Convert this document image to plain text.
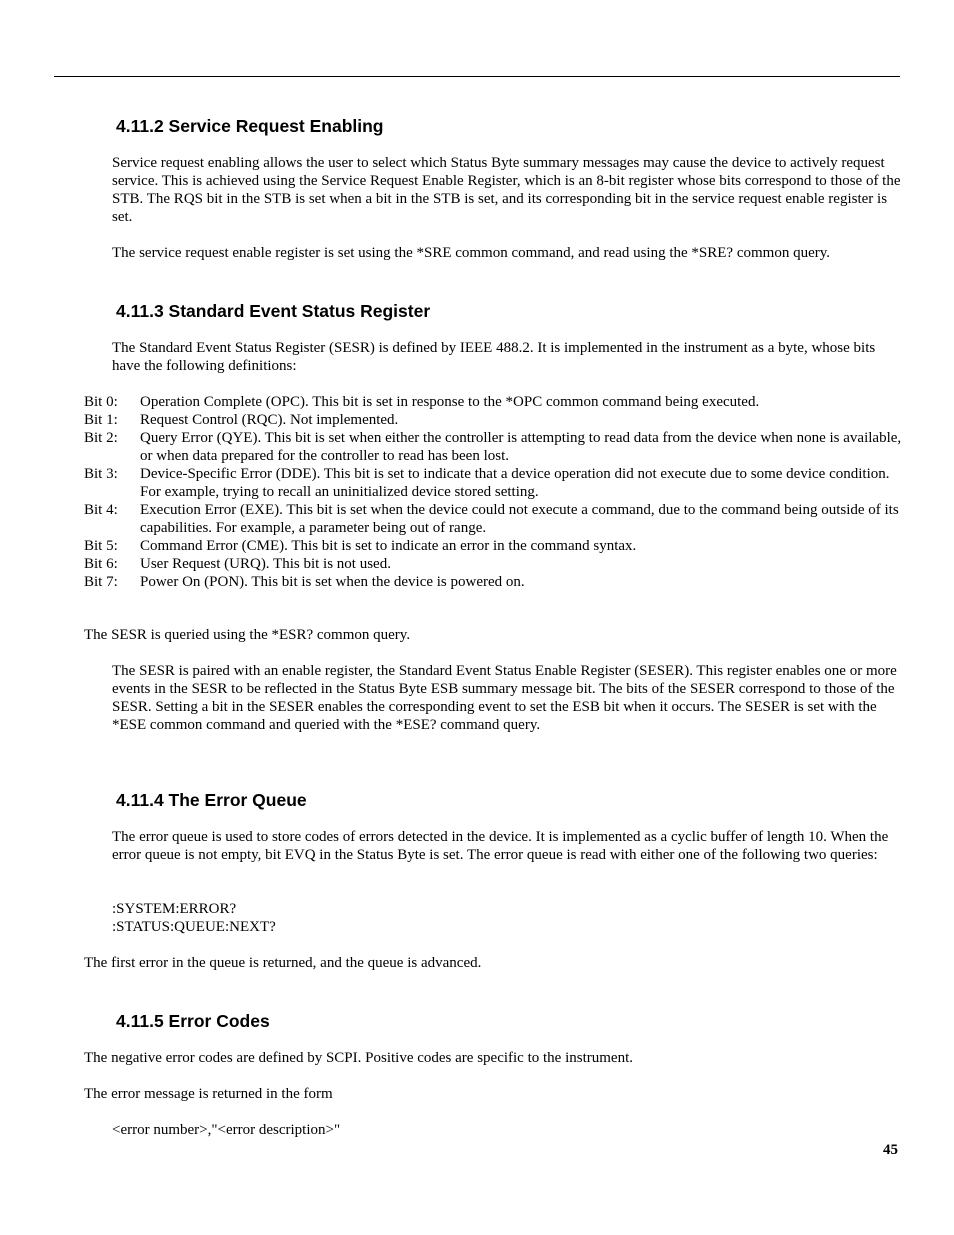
4.11.2 Service Request Enabling

Service request enabling allows the user to select which Status Byte summary messages may cause the device to actively request service. This is achieved using the Service Request Enable Register, which is an 8-bit register whose bits correspond to those of the STB. The RQS bit in the STB is set when a bit in the STB is set, and its corresponding bit in the service request enable register is set.

The service request enable register is set using the *SRE common command, and read using the *SRE? common query.

4.11.3 Standard Event Status Register

The Standard Event Status Register (SESR) is defined by IEEE 488.2. It is implemented in the instrument as a byte, whose bits have the following definitions:

Bit 0:	Operation Complete (OPC). This bit is set in response to the *OPC common command being executed.
Bit 1:	Request Control (RQC). Not implemented.
Bit 2:	Query Error (QYE). This bit is set when either the controller is attempting to read data from the device when none is available, or when data prepared for the controller to read has been lost.
Bit 3:	Device-Specific Error (DDE). This bit is set to indicate that a device operation did not execute due to some device condition. For example, trying to recall an uninitialized device stored setting.
Bit 4:	Execution Error (EXE). This bit is set when the device could not execute a command, due to the command being outside of its capabilities. For example, a parameter being out of range.
Bit 5:	Command Error (CME). This bit is set to indicate an error in the command syntax.
Bit 6:	User Request (URQ). This bit is not used.
Bit 7:	Power On (PON). This bit is set when the device is powered on.

The SESR is queried using the *ESR? common query.

The SESR is paired with an enable register, the Standard Event Status Enable Register (SESER). This register enables one or more events in the SESR to be reflected in the Status Byte ESB summary message bit. The bits of the SESER correspond to those of the SESR. Setting a bit in the SESER enables the corresponding event to set the ESB bit when it occurs. The SESER is set with the *ESE common command and queried with the *ESE? command query.

4.11.4 The Error Queue

The error queue is used to store codes of errors detected in the device. It is implemented as a cyclic buffer of length 10. When the error queue is not empty, bit EVQ in the Status Byte is set. The error queue is read with either one of the following two queries:

:SYSTEM:ERROR?
:STATUS:QUEUE:NEXT?

The first error in the queue is returned, and the queue is advanced.

4.11.5 Error Codes

The negative error codes are defined by SCPI. Positive codes are specific to the instrument.

The error message is returned in the form

<error number>,"<error description>"
45
